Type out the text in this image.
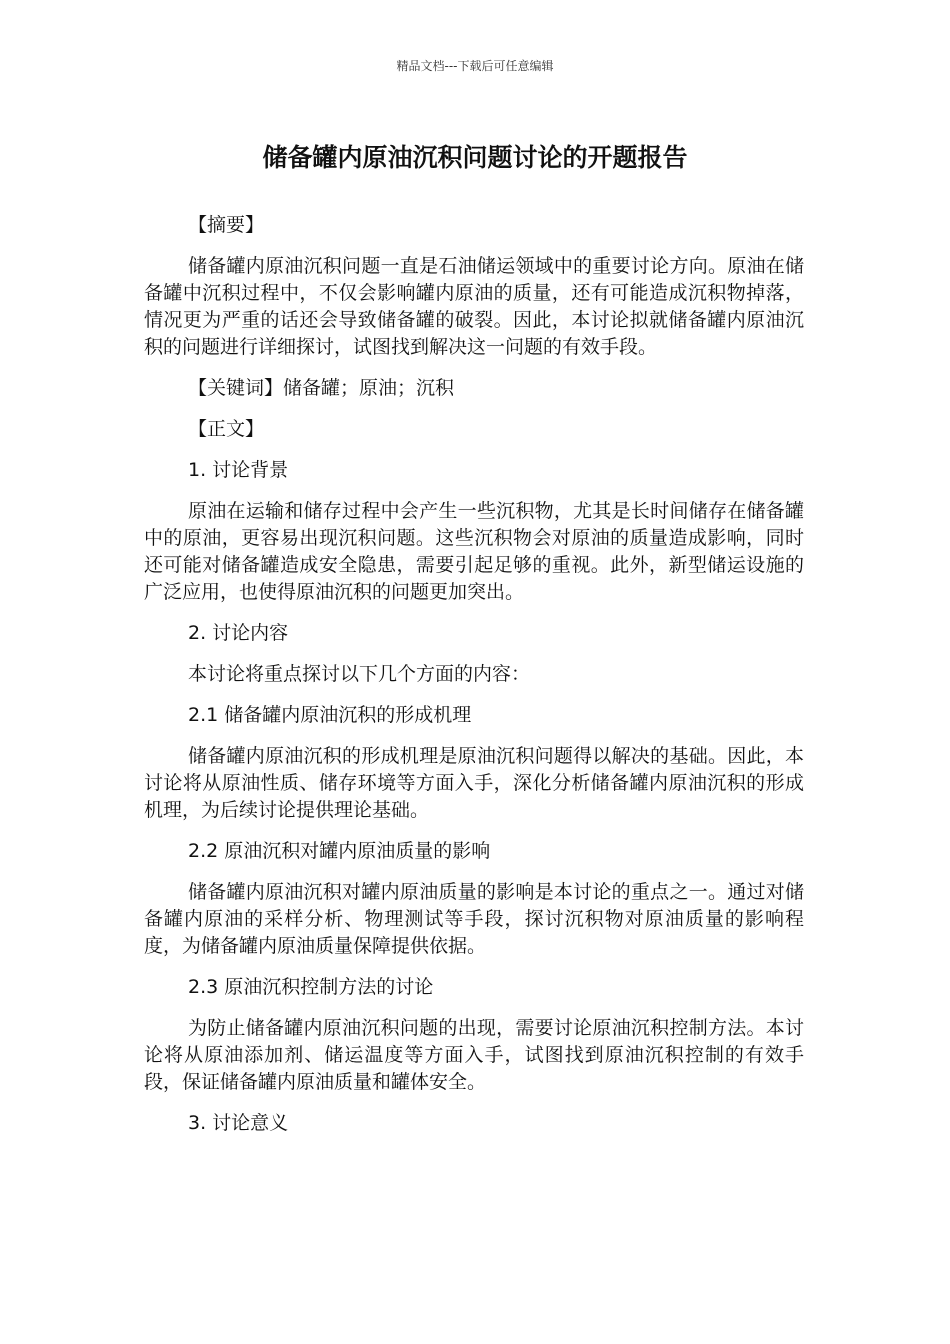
精品文档---下载后可任意编辑
储备罐内原油沉积问题讨论的开题报告

【摘要】

储备罐内原油沉积问题一直是石油储运领域中的重要讨论方向。原油在储备罐中沉积过程中，不仅会影响罐内原油的质量，还有可能造成沉积物掉落，情况更为严重的话还会导致储备罐的破裂。因此，本讨论拟就储备罐内原油沉积的问题进行详细探讨，试图找到解决这一问题的有效手段。

【关键词】储备罐；原油；沉积

【正文】

1. 讨论背景

原油在运输和储存过程中会产生一些沉积物，尤其是长时间储存在储备罐中的原油，更容易出现沉积问题。这些沉积物会对原油的质量造成影响，同时还可能对储备罐造成安全隐患，需要引起足够的重视。此外，新型储运设施的广泛应用，也使得原油沉积的问题更加突出。

2. 讨论内容

本讨论将重点探讨以下几个方面的内容：

2.1 储备罐内原油沉积的形成机理

储备罐内原油沉积的形成机理是原油沉积问题得以解决的基础。因此，本讨论将从原油性质、储存环境等方面入手，深化分析储备罐内原油沉积的形成机理，为后续讨论提供理论基础。

2.2 原油沉积对罐内原油质量的影响

储备罐内原油沉积对罐内原油质量的影响是本讨论的重点之一。通过对储备罐内原油的采样分析、物理测试等手段，探讨沉积物对原油质量的影响程度，为储备罐内原油质量保障提供依据。

2.3 原油沉积控制方法的讨论

为防止储备罐内原油沉积问题的出现，需要讨论原油沉积控制方法。本讨论将从原油添加剂、储运温度等方面入手，试图找到原油沉积控制的有效手段，保证储备罐内原油质量和罐体安全。

3. 讨论意义
